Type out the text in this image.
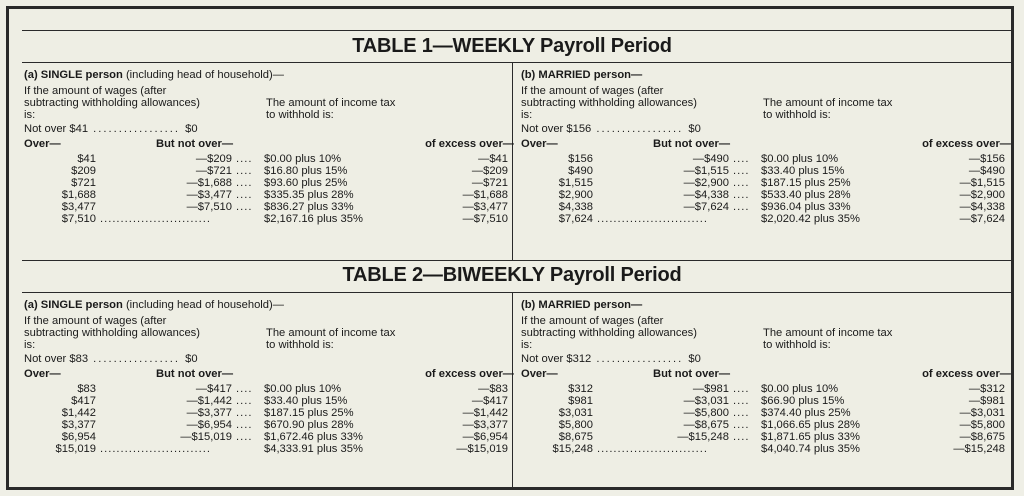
TABLE 1—WEEKLY Payroll Period
TABLE 2—BIWEEKLY Payroll Period
(a) SINGLE person (including head of household)—
If the amount of wages (after
subtracting withholding allowances)
is:
The amount of income tax
to withhold is:
Not over $41 ................. $0
Over—	But not over—	of excess over—
$41	—$209 .... $0.00 plus 10%	—$41
$209	—$721 .... $16.80 plus 15%	—$209
$721	—$1,688 .... $93.60 plus 25%	—$721
$1,688	—$3,477 .... $335.35 plus 28%	—$1,688
$3,477	—$7,510 .... $836.27 plus 33%	—$3,477
$7,510 ...........................	$2,167.16 plus 35%	—$7,510
(b) MARRIED person—
If the amount of wages (after
subtracting withholding allowances)
is:
The amount of income tax
to withhold is:
Not over $156 ................. $0
Over—	But not over—	of excess over—
$156	—$490 .... $0.00 plus 10%	—$156
$490	—$1,515 .... $33.40 plus 15%	—$490
$1,515	—$2,900 .... $187.15 plus 25%	—$1,515
$2,900	—$4,338 .... $533.40 plus 28%	—$2,900
$4,338	—$7,624 .... $936.04 plus 33%	—$4,338
$7,624 ...........................	$2,020.42 plus 35%	—$7,624
(a) SINGLE person (including head of household)—
If the amount of wages (after
subtracting withholding allowances)
is:
The amount of income tax
to withhold is:
Not over $83 ................. $0
Over—	But not over—	of excess over—
$83	—$417 .... $0.00 plus 10%	—$83
$417	—$1,442 .... $33.40 plus 15%	—$417
$1,442	—$3,377 .... $187.15 plus 25%	—$1,442
$3,377	—$6,954 .... $670.90 plus 28%	—$3,377
$6,954	—$15,019 .... $1,672.46 plus 33%	—$6,954
$15,019 ...........................	$4,333.91 plus 35%	—$15,019
(b) MARRIED person—
If the amount of wages (after
subtracting withholding allowances)
is:
The amount of income tax
to withhold is:
Not over $312 ................. $0
Over—	But not over—	of excess over—
$312	—$981 .... $0.00 plus 10%	—$312
$981	—$3,031 .... $66.90 plus 15%	—$981
$3,031	—$5,800 .... $374.40 plus 25%	—$3,031
$5,800	—$8,675 .... $1,066.65 plus 28%	—$5,800
$8,675	—$15,248 .... $1,871.65 plus 33%	—$8,675
$15,248 ...........................	$4,040.74 plus 35%	—$15,248
